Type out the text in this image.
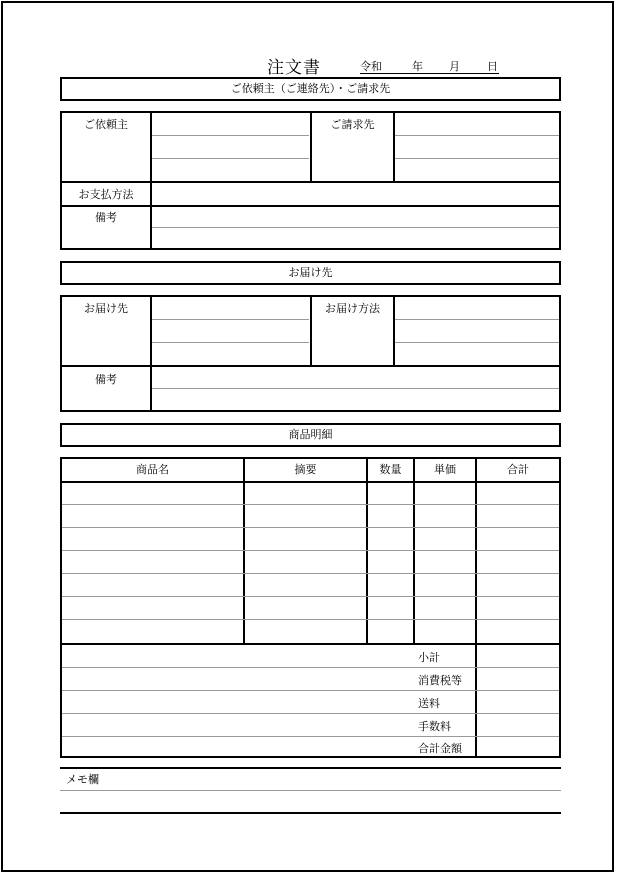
注文書	令和	年 月 日
ご依頼主（ご連絡先）・ご請求先
ご依頼主	ご請求先
お支払方法
備考
お届け先
お届け先	お届け方法
備考
商品明細
商品名	摘要	数量	単価	合計
小計
消費税等
送料
手数料
合計金額
メモ欄
